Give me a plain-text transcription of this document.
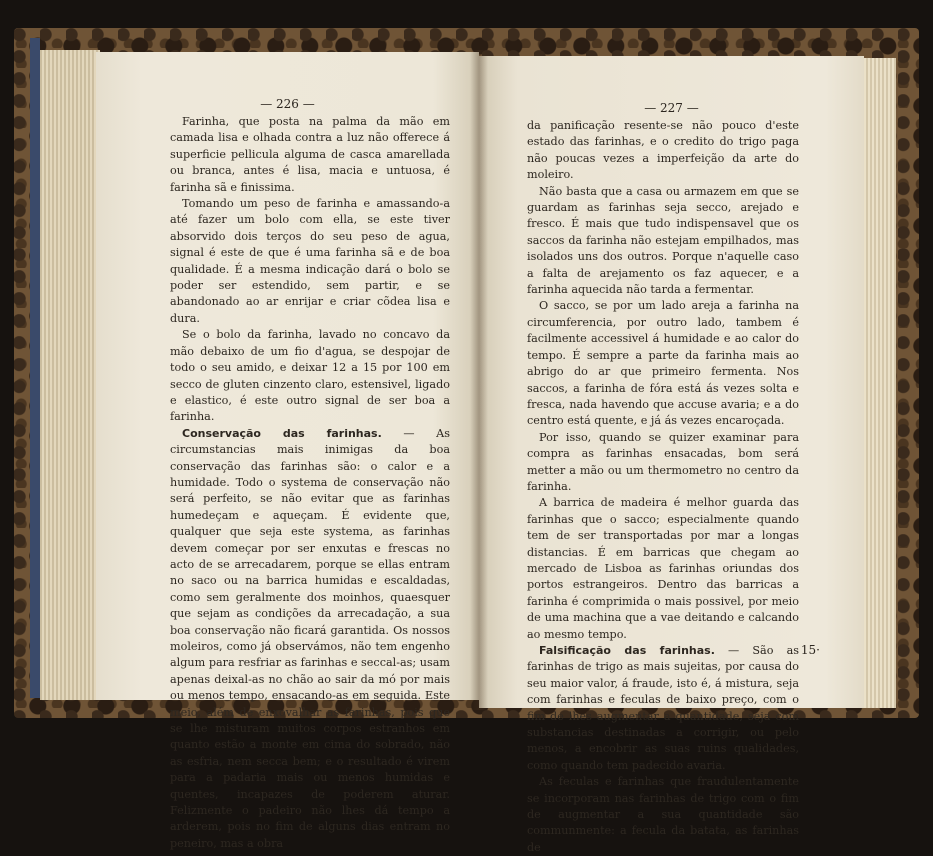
— 226 —

Farinha, que posta na palma da mão em camada lisa e olhada contra a luz não offerece á superficie pellicula alguma de casca amarellada ou branca, antes é lisa, macia e untuosa, é farinha sã e finissima.

Tomando um peso de farinha e amassando-a até fazer um bolo com ella, se este tiver absorvido dois terços do seu peso de agua, signal é este de que é uma farinha sã e de boa qualidade. É a mesma indicação dará o bolo se poder ser estendido, sem partir, e se abandonado ao ar enrijar e criar cõdea lisa e dura.

Se o bolo da farinha, lavado no concavo da mão debaixo de um fio d'agua, se despojar de todo o seu amido, e deixar 12 a 15 por 100 em secco de gluten cinzento claro, estensivel, ligado e elastico, é este outro signal de ser boa a farinha.

Conservação das farinhas. — As circumstancias mais inimigas da boa conservação das farinhas são: o calor e a humidade. Todo o systema de conservação não será perfeito, se não evitar que as farinhas humedeçam e aqueçam. É evidente que, qualquer que seja este systema, as farinhas devem começar por ser enxutas e frescas no acto de se arrecadarem, porque se ellas entram no saco ou na barrica humidas e escaldadas, como sem geralmente dos moinhos, quaesquer que sejam as condições da arrecadação, a sua boa conservação não ficará garantida. Os nossos moleiros, como já observámos, não tem engenho algum para resfriar as farinhas e seccal-as; usam apenas deixal-as no chão ao sair da mó por mais ou menos tempo, ensacando-as em seguida. Este meio, além de enxovalhar as farinhas, pois que se lhe misturam muitos corpos estranhos em quanto estão a monte em cima do sobrado, não as esfria, nem secca bem; e o resultado é virem para a padaria mais ou menos humidas e quentes, incapazes de poderem aturar. Felizmente o padeiro não lhes dá tempo a arderem, pois no fim de alguns dias entram no peneiro, mas a obra

— 227 —

da panificação resente-se não pouco d'este estado das farinhas, e o credito do trigo paga não poucas vezes a imperfeição da arte do moleiro.

Não basta que a casa ou armazem em que se guardam as farinhas seja secco, arejado e fresco. É mais que tudo indispensavel que os saccos da farinha não estejam empilhados, mas isolados uns dos outros. Porque n'aquelle caso a falta de arejamento os faz aquecer, e a farinha aquecida não tarda a fermentar.

O sacco, se por um lado areja a farinha na circumferencia, por outro lado, tambem é facilmente accessivel á humidade e ao calor do tempo. É sempre a parte da farinha mais ao abrigo do ar que primeiro fermenta. Nos saccos, a farinha de fóra está ás vezes solta e fresca, nada havendo que accuse avaria; e a do centro está quente, e já ás vezes encaroçada.

Por isso, quando se quizer examinar para compra as farinhas ensacadas, bom será metter a mão ou um thermometro no centro da farinha.

A barrica de madeira é melhor guarda das farinhas que o sacco; especialmente quando tem de ser transportadas por mar a longas distancias. É em barricas que chegam ao mercado de Lisboa as farinhas oriundas dos portos estrangeiros. Dentro das barricas a farinha é comprimida o mais possivel, por meio de uma machina que a vae deitando e calcando ao mesmo tempo.

Falsificação das farinhas. — São as farinhas de trigo as mais sujeitas, por causa do seu maior valor, á fraude, isto é, á mistura, seja com farinhas e feculas de baixo preço, com o fim de lhes augmentar a quantidade, seja com substancias destinadas a corrigir, ou pelo menos, a encobrir as suas ruins qualidades, como quando tem padecido avaria.

As feculas e farinhas que fraudulentamente se incorporam nas farinhas de trigo com o fim de augmentar a sua quantidade são communmente: a fecula da batata, as farinhas de

15·
